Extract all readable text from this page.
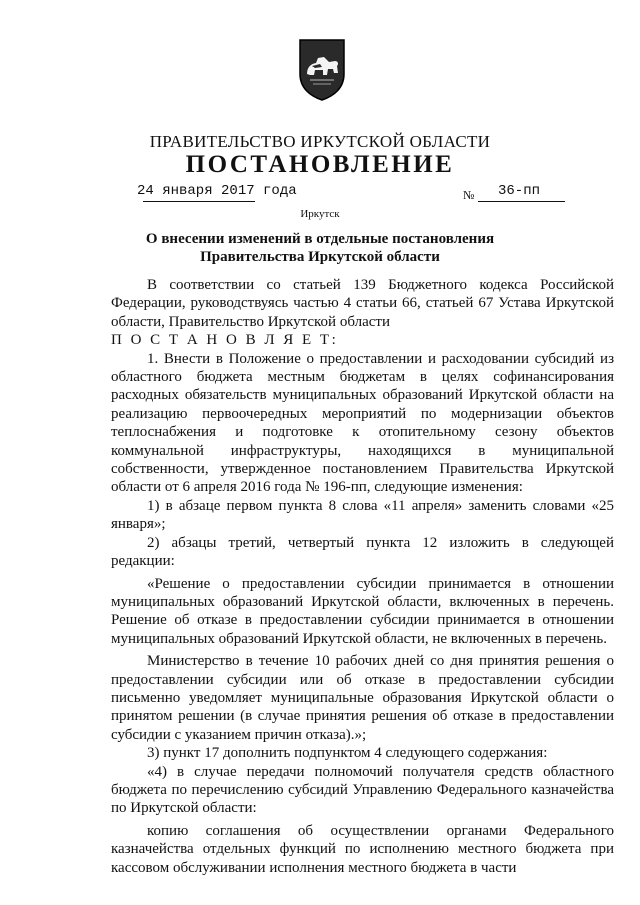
ПРАВИТЕЛЬСТВО ИРКУТСКОЙ ОБЛАСТИ
ПОСТАНОВЛЕНИЕ
24 января 2017 года	№ 36-пп
Иркутск
О внесении изменений в отдельные постановления Правительства Иркутской области

В соответствии со статьей 139 Бюджетного кодекса Российской Федерации, руководствуясь частью 4 статьи 66, статьей 67 Устава Иркутской области, Правительство Иркутской области

П О С Т А Н О В Л Я Е Т:

1. Внести в Положение о предоставлении и расходовании субсидий из областного бюджета местным бюджетам в целях софинансирования расходных обязательств муниципальных образований Иркутской области на реализацию первоочередных мероприятий по модернизации объектов теплоснабжения и подготовке к отопительному сезону объектов коммунальной инфраструктуры, находящихся в муниципальной собственности, утвержденное постановлением Правительства Иркутской области от 6 апреля 2016 года № 196-пп, следующие изменения:

1) в абзаце первом пункта 8 слова «11 апреля» заменить словами «25 января»;

2) абзацы третий, четвертый пункта 12 изложить в следующей редакции:

«Решение о предоставлении субсидии принимается в отношении муниципальных образований Иркутской области, включенных в перечень. Решение об отказе в предоставлении субсидии принимается в отношении муниципальных образований Иркутской области, не включенных в перечень.

Министерство в течение 10 рабочих дней со дня принятия решения о предоставлении субсидии или об отказе в предоставлении субсидии письменно уведомляет муниципальные образования Иркутской области о принятом решении (в случае принятия решения об отказе в предоставлении субсидии с указанием причин отказа).»;

3) пункт 17 дополнить подпунктом 4 следующего содержания:

«4) в случае передачи полномочий получателя средств областного бюджета по перечислению субсидий Управлению Федерального казначейства по Иркутской области:

копию соглашения об осуществлении органами Федерального казначейства отдельных функций по исполнению местного бюджета при кассовом обслуживании исполнения местного бюджета в части
